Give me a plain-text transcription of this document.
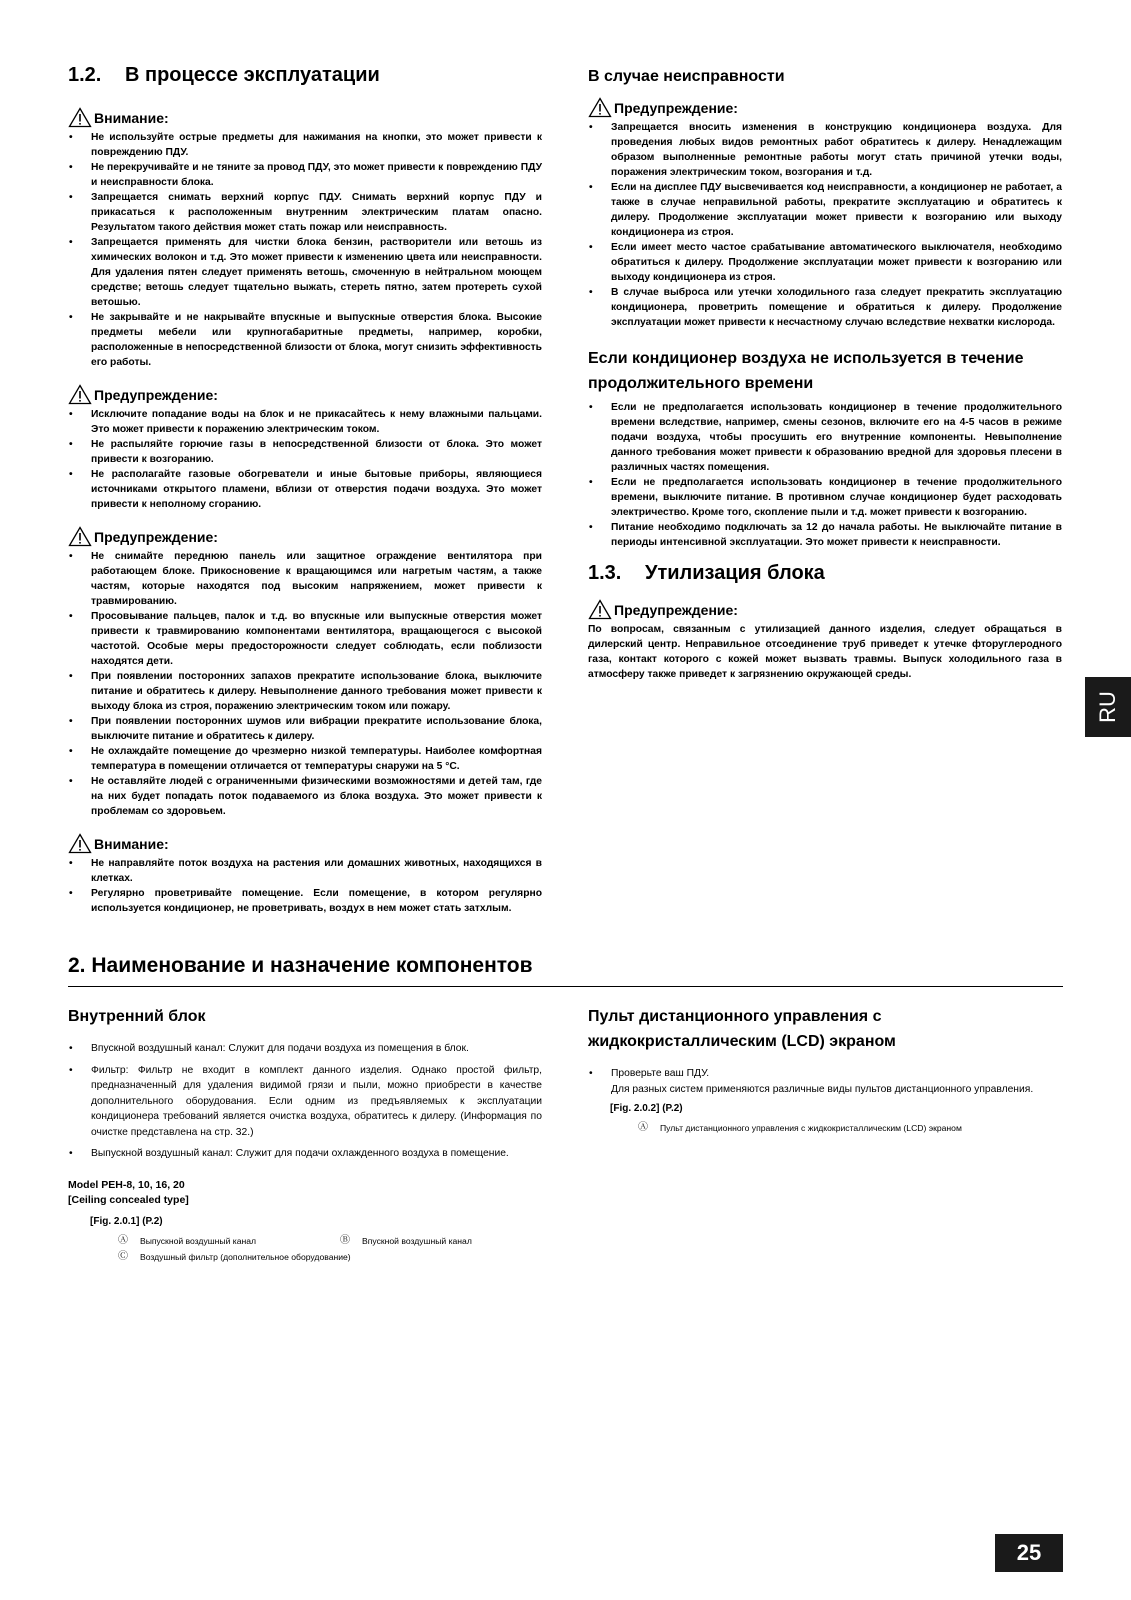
1.2.	В процессе эксплуатации
Внимание:
• Не используйте острые предметы для нажимания на кнопки, это может привести к повреждению ПДУ.
• Не перекручивайте и не тяните за провод ПДУ, это может привести к повреждению ПДУ и неисправности блока.
• Запрещается снимать верхний корпус ПДУ. Снимать верхний корпус ПДУ и прикасаться к расположенным внутренним электрическим платам опасно. Результатом такого действия может стать пожар или неисправность.
• Запрещается применять для чистки блока бензин, растворители или ветошь из химических волокон и т.д. Это может привести к изменению цвета или неисправности. Для удаления пятен следует применять ветошь, смоченную в нейтральном моющем средстве; ветошь следует тщательно выжать, стереть пятно, затем протереть сухой ветошью.
• Не закрывайте и не накрывайте впускные и выпускные отверстия блока. Высокие предметы мебели или крупногабаритные предметы, например, коробки, расположенные в непосредственной близости от блока, могут снизить эффективность его работы.
Предупреждение:
• Исключите попадание воды на блок и не прикасайтесь к нему влажными пальцами. Это может привести к поражению электрическим током.
• Не распыляйте горючие газы в непосредственной близости от блока. Это может привести к возгоранию.
• Не располагайте газовые обогреватели и иные бытовые приборы, являющиеся источниками открытого пламени, вблизи от отверстия подачи воздуха. Это может привести к неполному сгоранию.
Предупреждение:
• Не снимайте переднюю панель или защитное ограждение вентилятора при работающем блоке. Прикосновение к вращающимся или нагретым частям, а также частям, которые находятся под высоким напряжением, может привести к травмированию.
• Просовывание пальцев, палок и т.д. во впускные или выпускные отверстия может привести к травмированию компонентами вентилятора, вращающегося с высокой частотой. Особые меры предосторожности следует соблюдать, если поблизости находятся дети.
• При появлении посторонних запахов прекратите использование блока, выключите питание и обратитесь к дилеру. Невыполнение данного требования может привести к выходу блока из строя, поражению электрическим током или пожару.
• При появлении посторонних шумов или вибрации прекратите использование блока, выключите питание и обратитесь к дилеру.
• Не охлаждайте помещение до чрезмерно низкой температуры. Наиболее комфортная температура в помещении отличается от температуры снаружи на 5 °C.
• Не оставляйте людей с ограниченными физическими возможностями и детей там, где на них будет попадать поток подаваемого из блока воздуха. Это может привести к проблемам со здоровьем.
Внимание:
• Не направляйте поток воздуха на растения или домашних животных, находящихся в клетках.
• Регулярно проветривайте помещение. Если помещение, в котором регулярно используется кондиционер, не проветривать, воздух в нем может стать затхлым.
В случае неисправности
Предупреждение:
• Запрещается вносить изменения в конструкцию кондиционера воздуха. Для проведения любых видов ремонтных работ обратитесь к дилеру. Ненадлежащим образом выполненные ремонтные работы могут стать причиной утечки воды, поражения электрическим током, возгорания и т.д.
• Если на дисплее ПДУ высвечивается код неисправности, а кондиционер не работает, а также в случае неправильной работы, прекратите эксплуатацию и обратитесь к дилеру. Продолжение эксплуатации может привести к возгоранию или выходу кондиционера из строя.
• Если имеет место частое срабатывание автоматического выключателя, необходимо обратиться к дилеру. Продолжение эксплуатации может привести к возгоранию или выходу кондиционера из строя.
• В случае выброса или утечки холодильного газа следует прекратить эксплуатацию кондиционера, проветрить помещение и обратиться к дилеру. Продолжение эксплуатации может привести к несчастному случаю вследствие нехватки кислорода.
Если кондиционер воздуха не используется в течение продолжительного времени
• Если не предполагается использовать кондиционер в течение продолжительного времени вследствие, например, смены сезонов, включите его на 4-5 часов в режиме подачи воздуха, чтобы просушить его внутренние компоненты. Невыполнение данного требования может привести к образованию вредной для здоровья плесени в различных частях помещения.
• Если не предполагается использовать кондиционер в течение продолжительного времени, выключите питание. В противном случае кондиционер будет расходовать электричество. Кроме того, скопление пыли и т.д. может привести к возгоранию.
• Питание необходимо подключать за 12 до начала работы. Не выключайте питание в периоды интенсивной эксплуатации. Это может привести к неисправности.
1.3.	Утилизация блока
Предупреждение:

По вопросам, связанным с утилизацией данного изделия, следует обращаться в дилерский центр. Неправильное отсоединение труб приведет к утечке фторуглеродного газа, контакт которого с кожей может вызвать травмы. Выпуск холодильного газа в атмосферу также приведет к загрязнению окружающей среды.

2. Наименование и назначение компонентов
Внутренний блок
• Впускной воздушный канал: Служит для подачи воздуха из помещения в блок.
• Фильтр: Фильтр не входит в комплект данного изделия. Однако простой фильтр, предназначенный для удаления видимой грязи и пыли, можно приобрести в качестве дополнительного оборудования. Если одним из предъявляемых к эксплуатации кондиционера требований является очистка воздуха, обратитесь к дилеру. (Информация по очистке представлена на стр. 32.)
• Выпускной воздушный канал: Служит для подачи охлажденного воздуха в помещение.
Model PEH-8, 10, 16, 20
[Ceiling concealed type]
[Fig. 2.0.1] (P.2)
Ⓐ	Выпускной воздушный канал	Ⓑ	Впускной воздушный канал
Ⓒ	Воздушный фильтр (дополнительное оборудование)
Пульт дистанционного управления с жидкокристаллическим (LCD) экраном
• Проверьте ваш ПДУ.
Для разных систем применяются различные виды пультов дистанционного управления.
[Fig. 2.0.2] (P.2)
Ⓐ	Пульт дистанционного управления с жидкокристаллическим (LCD) экраном
RU
25
